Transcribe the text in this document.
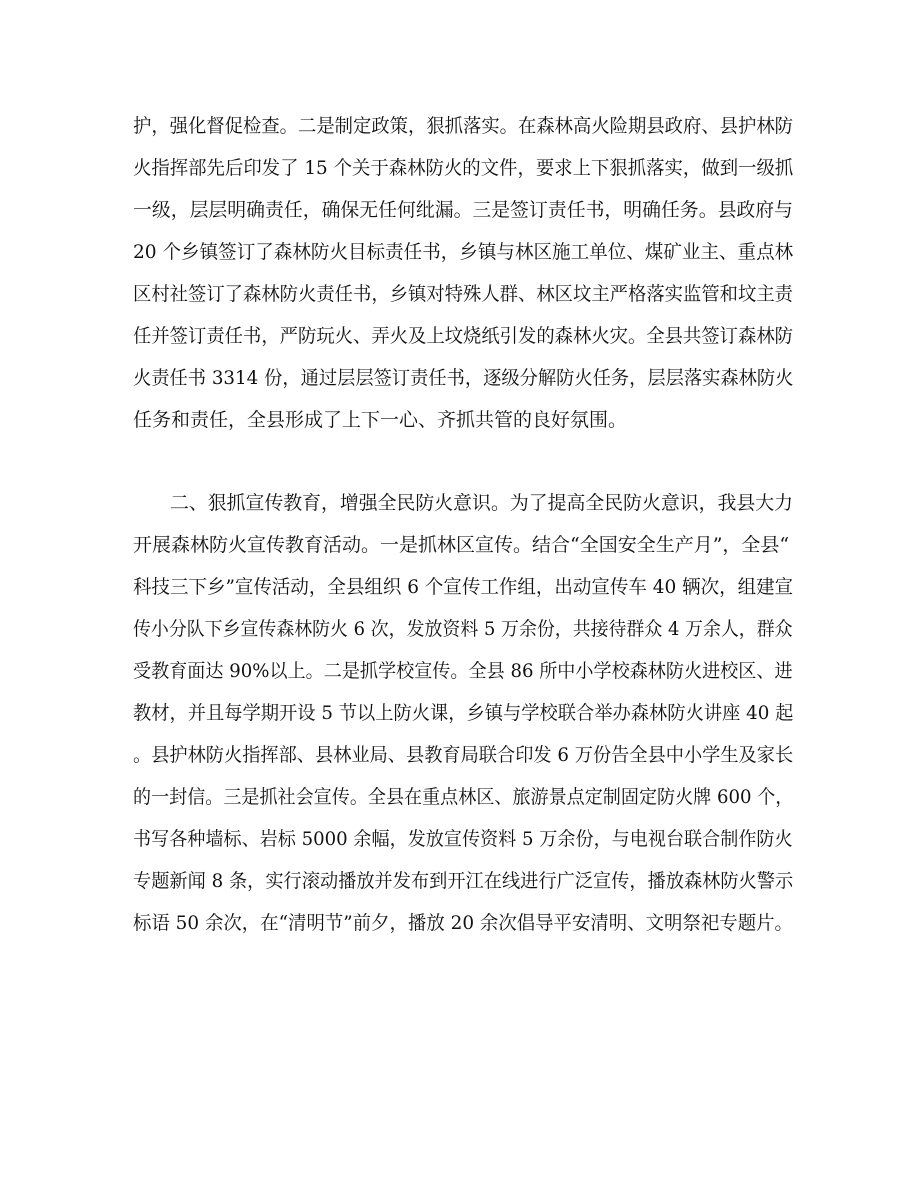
护，强化督促检查。二是制定政策，狠抓落实。在森林高火险期县政府、县护林防
火指挥部先后印发了 15 个关于森林防火的文件，要求上下狠抓落实，做到一级抓
一级，层层明确责任，确保无任何纰漏。三是签订责任书，明确任务。县政府与
20 个乡镇签订了森林防火目标责任书，乡镇与林区施工单位、煤矿业主、重点林
区村社签订了森林防火责任书，乡镇对特殊人群、林区坟主严格落实监管和坟主责
任并签订责任书，严防玩火、弄火及上坟烧纸引发的森林火灾。全县共签订森林防
火责任书 3314 份，通过层层签订责任书，逐级分解防火任务，层层落实森林防火
任务和责任，全县形成了上下一心、齐抓共管的良好氛围。
二、狠抓宣传教育，增强全民防火意识。为了提高全民防火意识，我县大力
开展森林防火宣传教育活动。一是抓林区宣传。结合“全国安全生产月”，全县“
科技三下乡”宣传活动，全县组织 6 个宣传工作组，出动宣传车 40 辆次，组建宣
传小分队下乡宣传森林防火 6 次，发放资料 5 万余份，共接待群众 4 万余人，群众
受教育面达 90%以上。二是抓学校宣传。全县 86 所中小学校森林防火进校区、进
教材，并且每学期开设 5 节以上防火课，乡镇与学校联合举办森林防火讲座 40 起
。县护林防火指挥部、县林业局、县教育局联合印发 6 万份告全县中小学生及家长
的一封信。三是抓社会宣传。全县在重点林区、旅游景点定制固定防火牌 600 个，
书写各种墙标、岩标 5000 余幅，发放宣传资料 5 万余份，与电视台联合制作防火
专题新闻 8 条，实行滚动播放并发布到开江在线进行广泛宣传，播放森林防火警示
标语 50 余次，在“清明节”前夕，播放 20 余次倡导平安清明、文明祭祀专题片。
